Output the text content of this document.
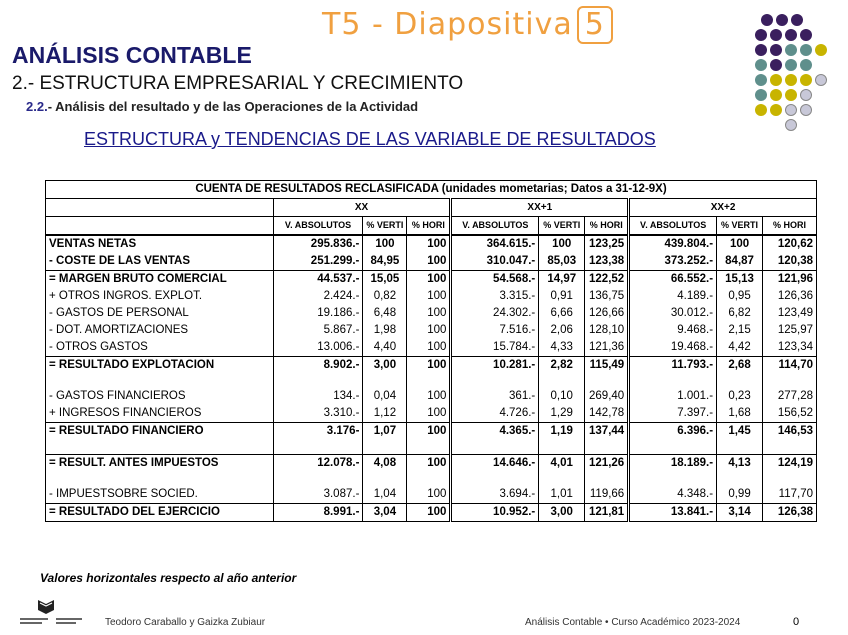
T5 - Diapositiva 5
ANÁLISIS CONTABLE
2.- ESTRUCTURA EMPRESARIAL Y CRECIMIENTO
2.2.- Análisis del resultado y de las Operaciones de la Actividad
ESTRUCTURA y TENDENCIAS DE LAS VARIABLE DE RESULTADOS
CUENTA DE RESULTADOS RECLASIFICADA (unidades mometarias; Datos a 31-12-9X)									
	XX			XX+1			XX+2		
	V. ABSOLUTOS	% VERTI	% HORI	V. ABSOLUTOS	% VERTI	% HORI	V. ABSOLUTOS	% VERTI	% HORI
VENTAS NETAS	295.836.-	100	100	364.615.-	100	123,25	439.804.-	100	120,62
- COSTE DE LAS VENTAS	251.299.-	84,95	100	310.047.-	85,03	123,38	373.252.-	84,87	120,38
= MARGEN BRUTO COMERCIAL	44.537.-	15,05	100	54.568.-	14,97	122,52	66.552.-	15,13	121,96
+ OTROS INGROS. EXPLOT.	2.424.-	0,82	100	3.315.-	0,91	136,75	4.189.-	0,95	126,36
- GASTOS DE PERSONAL	19.186.-	6,48	100	24.302.-	6,66	126,66	30.012.-	6,82	123,49
- DOT. AMORTIZACIONES	5.867.-	1,98	100	7.516.-	2,06	128,10	9.468.-	2,15	125,97
- OTROS GASTOS	13.006.-	4,40	100	15.784.-	4,33	121,36	19.468.-	4,42	123,34
= RESULTADO EXPLOTACION	8.902.-	3,00	100	10.281.-	2,82	115,49	11.793.-	2,68	114,70

- GASTOS FINANCIEROS	134.-	0,04	100	361.-	0,10	269,40	1.001.-	0,23	277,28
+ INGRESOS FINANCIEROS	3.310.-	1,12	100	4.726.-	1,29	142,78	7.397.-	1,68	156,52
= RESULTADO FINANCIERO	3.176-	1,07	100	4.365.-	1,19	137,44	6.396.-	1,45	146,53

= RESULT. ANTES IMPUESTOS	12.078.-	4,08	100	14.646.-	4,01	121,26	18.189.-	4,13	124,19

- IMPUESTSOBRE SOCIED.	3.087.-	1,04	100	3.694.-	1,01	119,66	4.348.-	0,99	117,70
= RESULTADO DEL EJERCICIO	8.991.-	3,04	100	10.952.-	3,00	121,81	13.841.-	3,14	126,38
Valores horizontales respecto al año anterior
Teodoro Caraballo y Gaizka Zubiaur	Análisis Contable • Curso Académico 2023-2024	0
